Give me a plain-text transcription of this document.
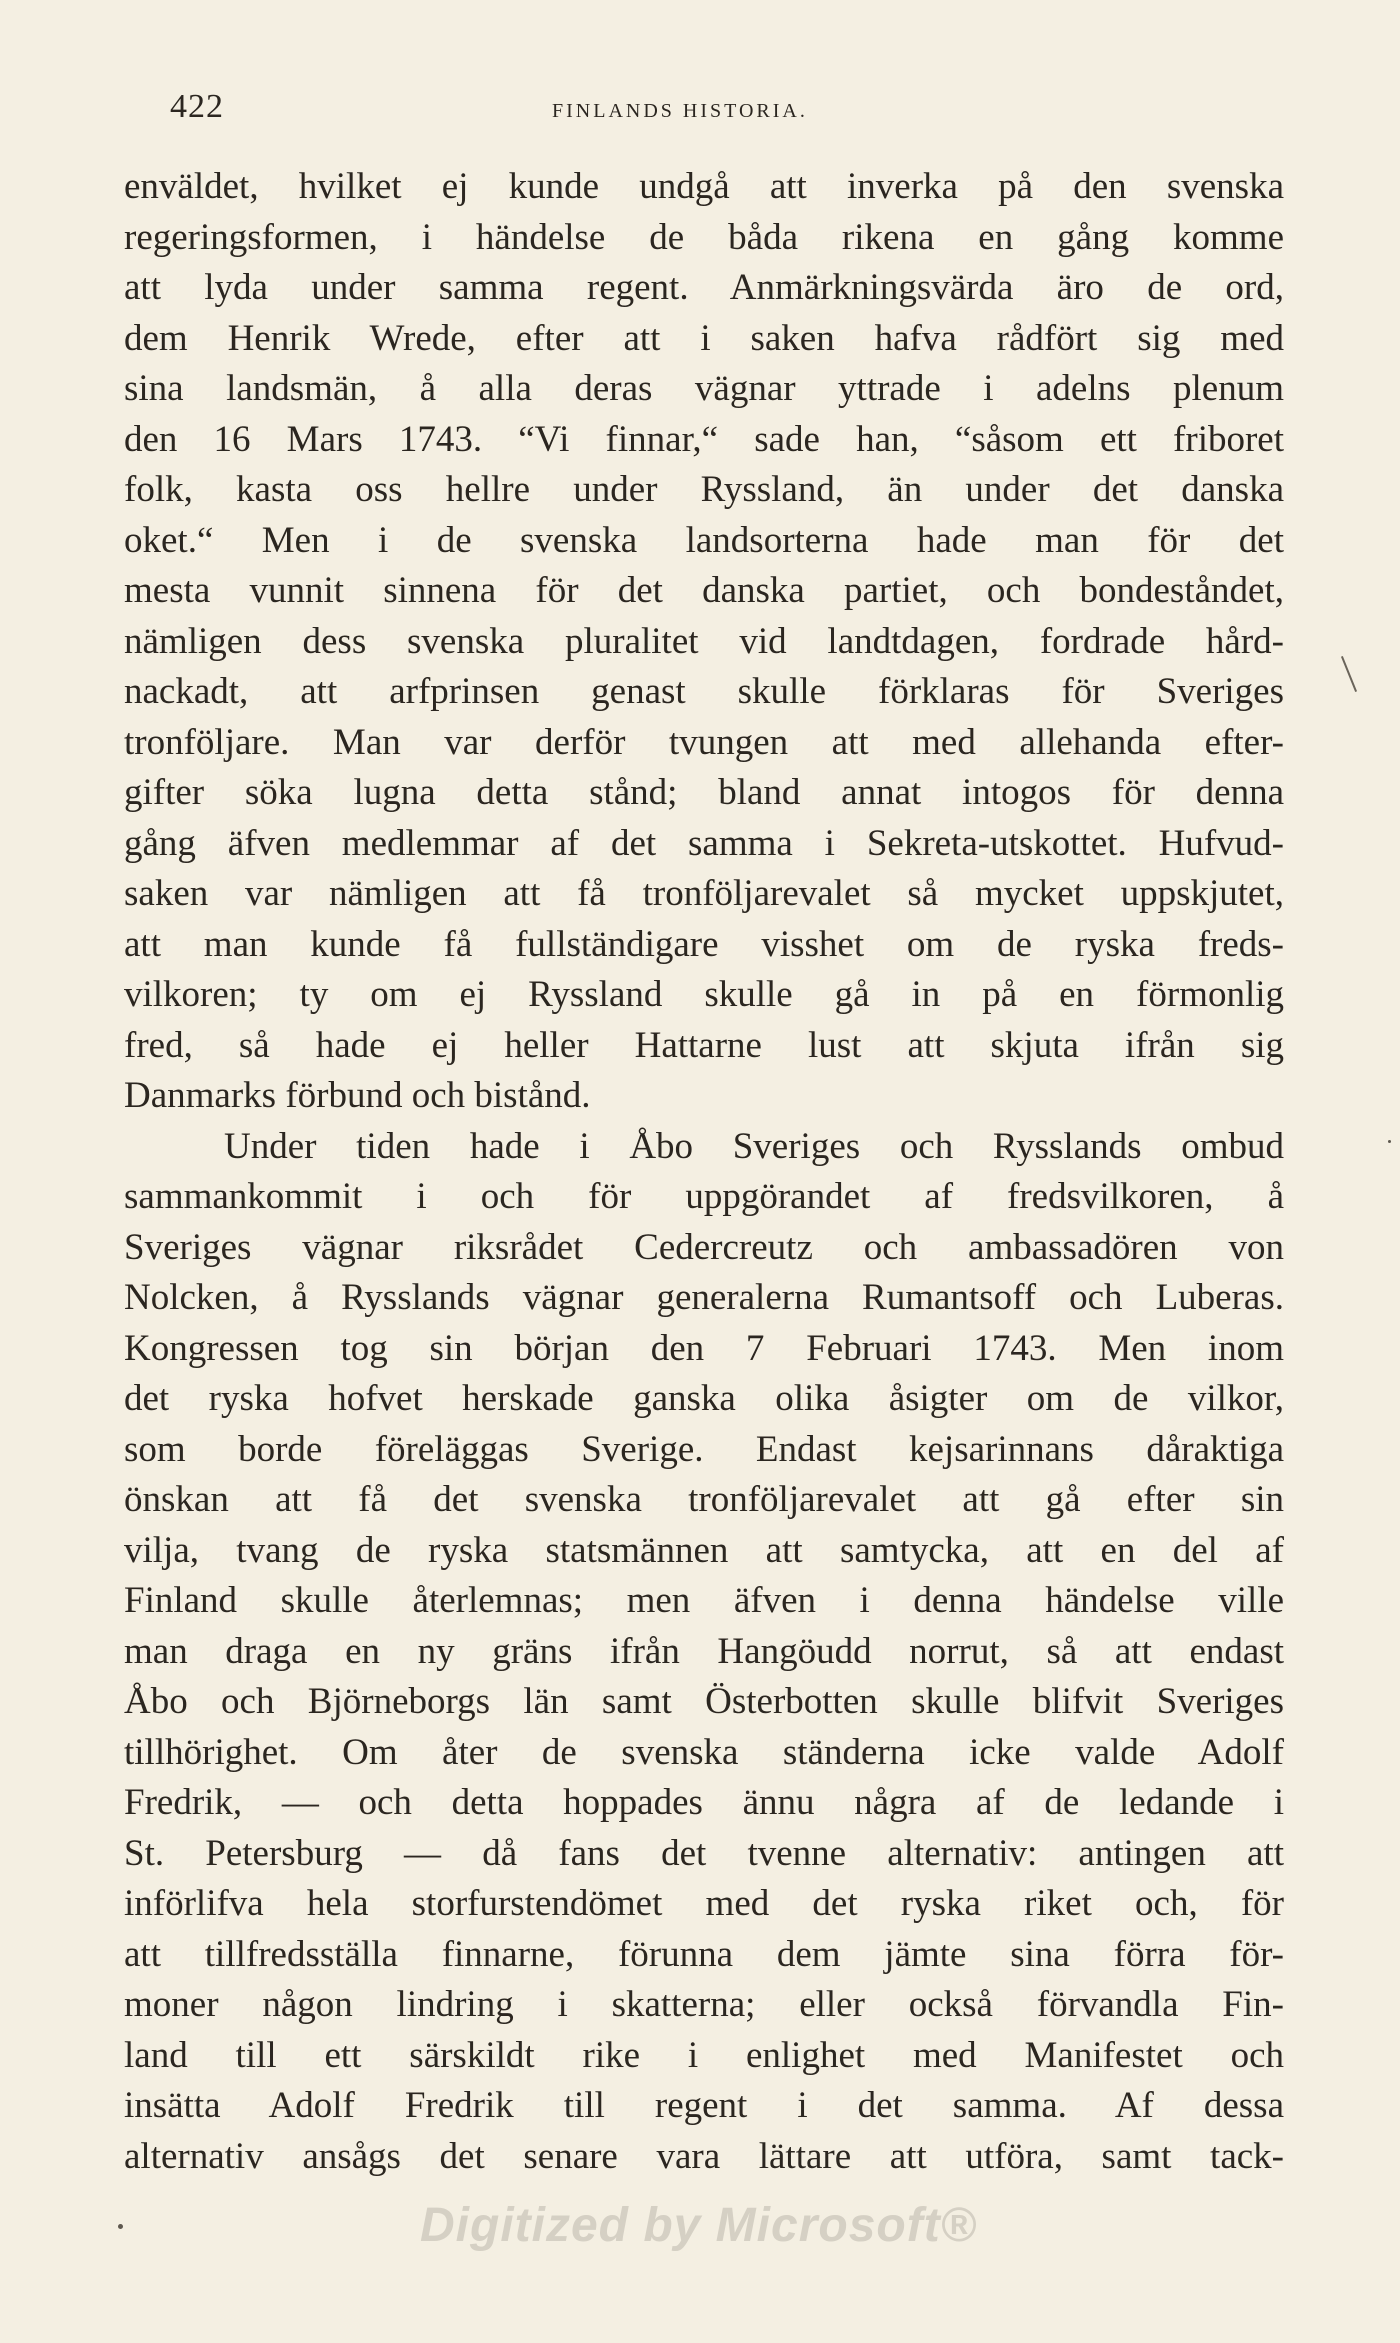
422	FINLANDS HISTORIA.
enväldet, hvilket ej kunde undgå att inverka på den svenska
regeringsformen, i händelse de båda rikena en gång komme
att lyda under samma regent. Anmärkningsvärda äro de ord,
dem Henrik Wrede, efter att i saken hafva rådfört sig med
sina landsmän, å alla deras vägnar yttrade i adelns plenum
den 16 Mars 1743. “Vi finnar,“ sade han, “såsom ett friboret
folk, kasta oss hellre under Ryssland, än under det danska
oket.“ Men i de svenska landsorterna hade man för det
mesta vunnit sinnena för det danska partiet, och bondeståndet,
nämligen dess svenska pluralitet vid landtdagen, fordrade hård-
nackadt, att arfprinsen genast skulle förklaras för Sveriges
tronföljare. Man var derför tvungen att med allehanda efter-
gifter söka lugna detta stånd; bland annat intogos för denna
gång äfven medlemmar af det samma i Sekreta-utskottet. Hufvud-
saken var nämligen att få tronföljarevalet så mycket uppskjutet,
att man kunde få fullständigare visshet om de ryska freds-
vilkoren; ty om ej Ryssland skulle gå in på en förmonlig
fred, så hade ej heller Hattarne lust att skjuta ifrån sig
Danmarks förbund och bistånd.
Under tiden hade i Åbo Sveriges och Rysslands ombud
sammankommit i och för uppgörandet af fredsvilkoren, å
Sveriges vägnar riksrådet Cedercreutz och ambassadören von
Nolcken, å Rysslands vägnar generalerna Rumantsoff och Luberas.
Kongressen tog sin början den 7 Februari 1743. Men inom
det ryska hofvet herskade ganska olika åsigter om de vilkor,
som borde föreläggas Sverige. Endast kejsarinnans dåraktiga
önskan att få det svenska tronföljarevalet att gå efter sin
vilja, tvang de ryska statsmännen att samtycka, att en del af
Finland skulle återlemnas; men äfven i denna händelse ville
man draga en ny gräns ifrån Hangöudd norrut, så att endast
Åbo och Björneborgs län samt Österbotten skulle blifvit Sveriges
tillhörighet. Om åter de svenska ständerna icke valde Adolf
Fredrik, — och detta hoppades ännu några af de ledande i
St. Petersburg — då fans det tvenne alternativ: antingen att
införlifva hela storfurstendömet med det ryska riket och, för
att tillfredsställa finnarne, förunna dem jämte sina förra för-
moner någon lindring i skatterna; eller också förvandla Fin-
land till ett särskildt rike i enlighet med Manifestet och
insätta Adolf Fredrik till regent i det samma. Af dessa
alternativ ansågs det senare vara lättare att utföra, samt tack-
Digitized by Microsoft®
